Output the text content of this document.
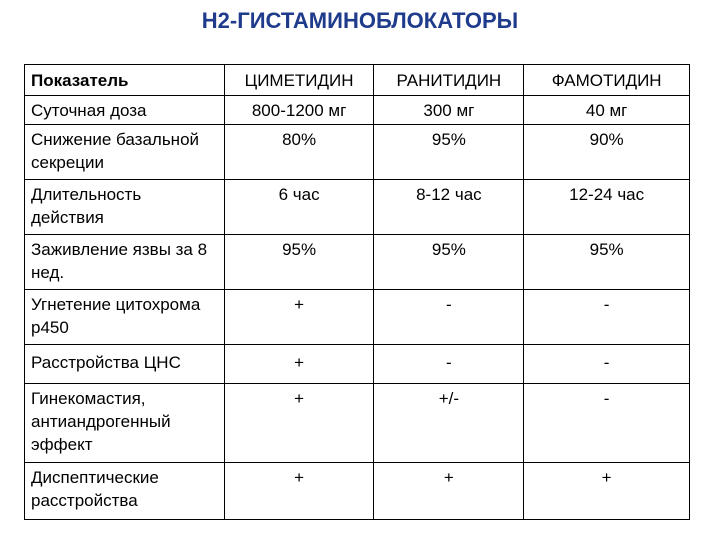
H2-ГИСТАМИНОБЛОКАТОРЫ
Показатель	ЦИМЕТИДИН	РАНИТИДИН	ФАМОТИДИН
Суточная доза	800-1200 мг	300 мг	40 мг
Снижение базальной секреции	80%	95%	90%
Длительность действия	6 час	8-12 час	12-24 час
Заживление язвы за 8 нед.	95%	95%	95%
Угнетение цитохрома p450	+	-	-
Расстройства ЦНС	+	-	-
Гинекомастия, антиандрогенный эффект	+	+/-	-
Диспептические расстройства	+	+	+
